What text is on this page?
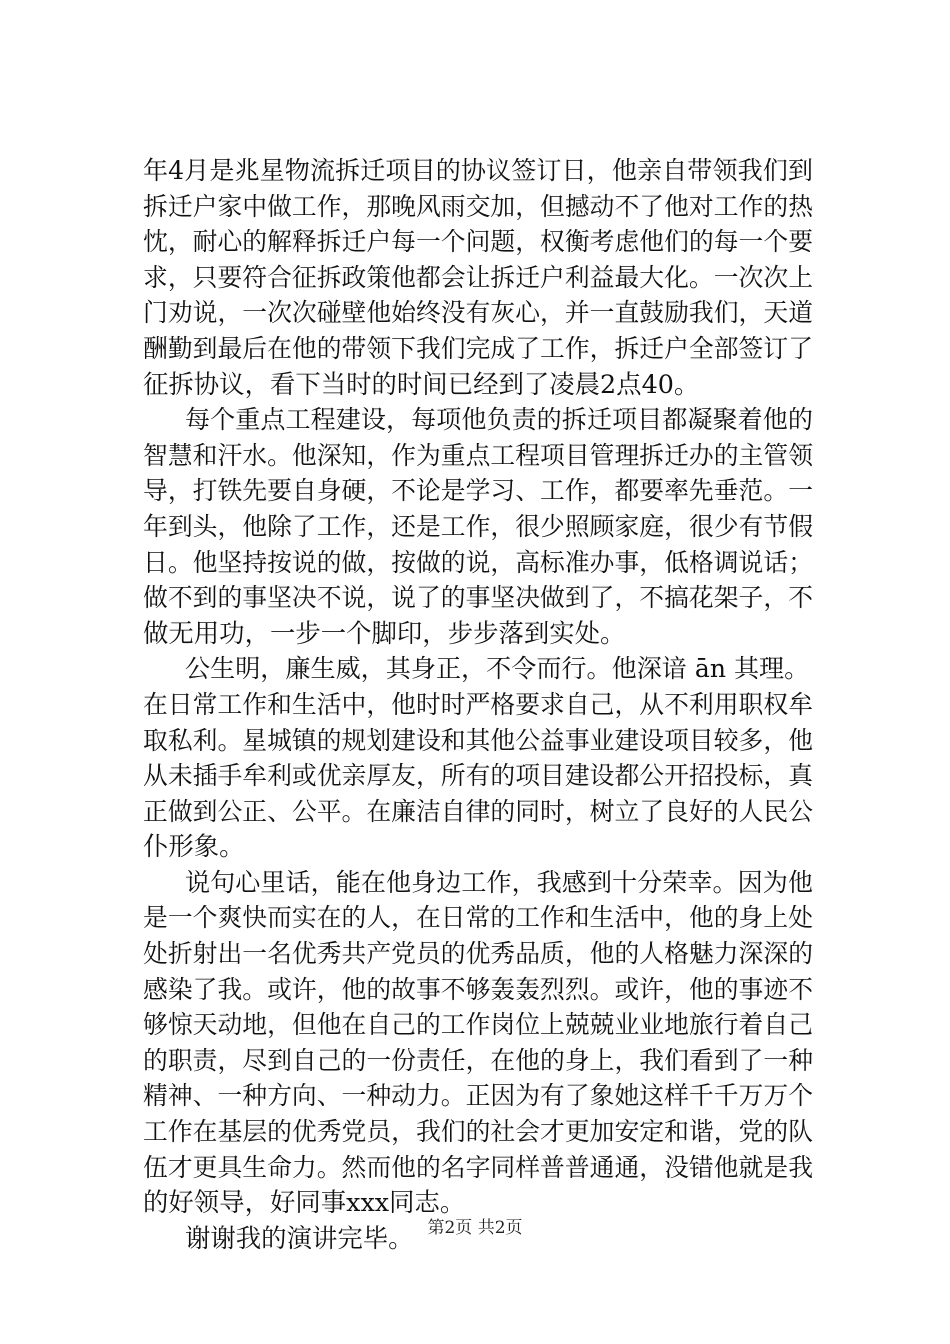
年4月是兆星物流拆迁项目的协议签订日，他亲自带领我们到
拆迁户家中做工作，那晚风雨交加，但撼动不了他对工作的热
忱，耐心的解释拆迁户每一个问题，权衡考虑他们的每一个要
求，只要符合征拆政策他都会让拆迁户利益最大化。一次次上
门劝说，一次次碰壁他始终没有灰心，并一直鼓励我们，天道
酬勤到最后在他的带领下我们完成了工作，拆迁户全部签订了
征拆协议，看下当时的时间已经到了凌晨2点40。
每个重点工程建设，每项他负责的拆迁项目都凝聚着他的
智慧和汗水。他深知，作为重点工程项目管理拆迁办的主管领
导，打铁先要自身硬，不论是学习、工作，都要率先垂范。一
年到头，他除了工作，还是工作，很少照顾家庭，很少有节假
日。他坚持按说的做，按做的说，高标准办事，低格调说话；
做不到的事坚决不说，说了的事坚决做到了，不搞花架子，不
做无用功，一步一个脚印，步步落到实处。
公生明，廉生威，其身正，不令而行。他深谙 ān 其理。
在日常工作和生活中，他时时严格要求自己，从不利用职权牟
取私利。星城镇的规划建设和其他公益事业建设项目较多，他
从未插手牟利或优亲厚友，所有的项目建设都公开招投标，真
正做到公正、公平。在廉洁自律的同时，树立了良好的人民公
仆形象。
说句心里话，能在他身边工作，我感到十分荣幸。因为他
是一个爽快而实在的人，在日常的工作和生活中，他的身上处
处折射出一名优秀共产党员的优秀品质，他的人格魅力深深的
感染了我。或许，他的故事不够轰轰烈烈。或许，他的事迹不
够惊天动地，但他在自己的工作岗位上兢兢业业地旅行着自己
的职责，尽到自己的一份责任，在他的身上，我们看到了一种
精神、一种方向、一种动力。正因为有了象她这样千千万万个
工作在基层的优秀党员，我们的社会才更加安定和谐，党的队
伍才更具生命力。然而他的名字同样普普通通，没错他就是我
的好领导，好同事xxx同志。
谢谢我的演讲完毕。 第2页 共2页
